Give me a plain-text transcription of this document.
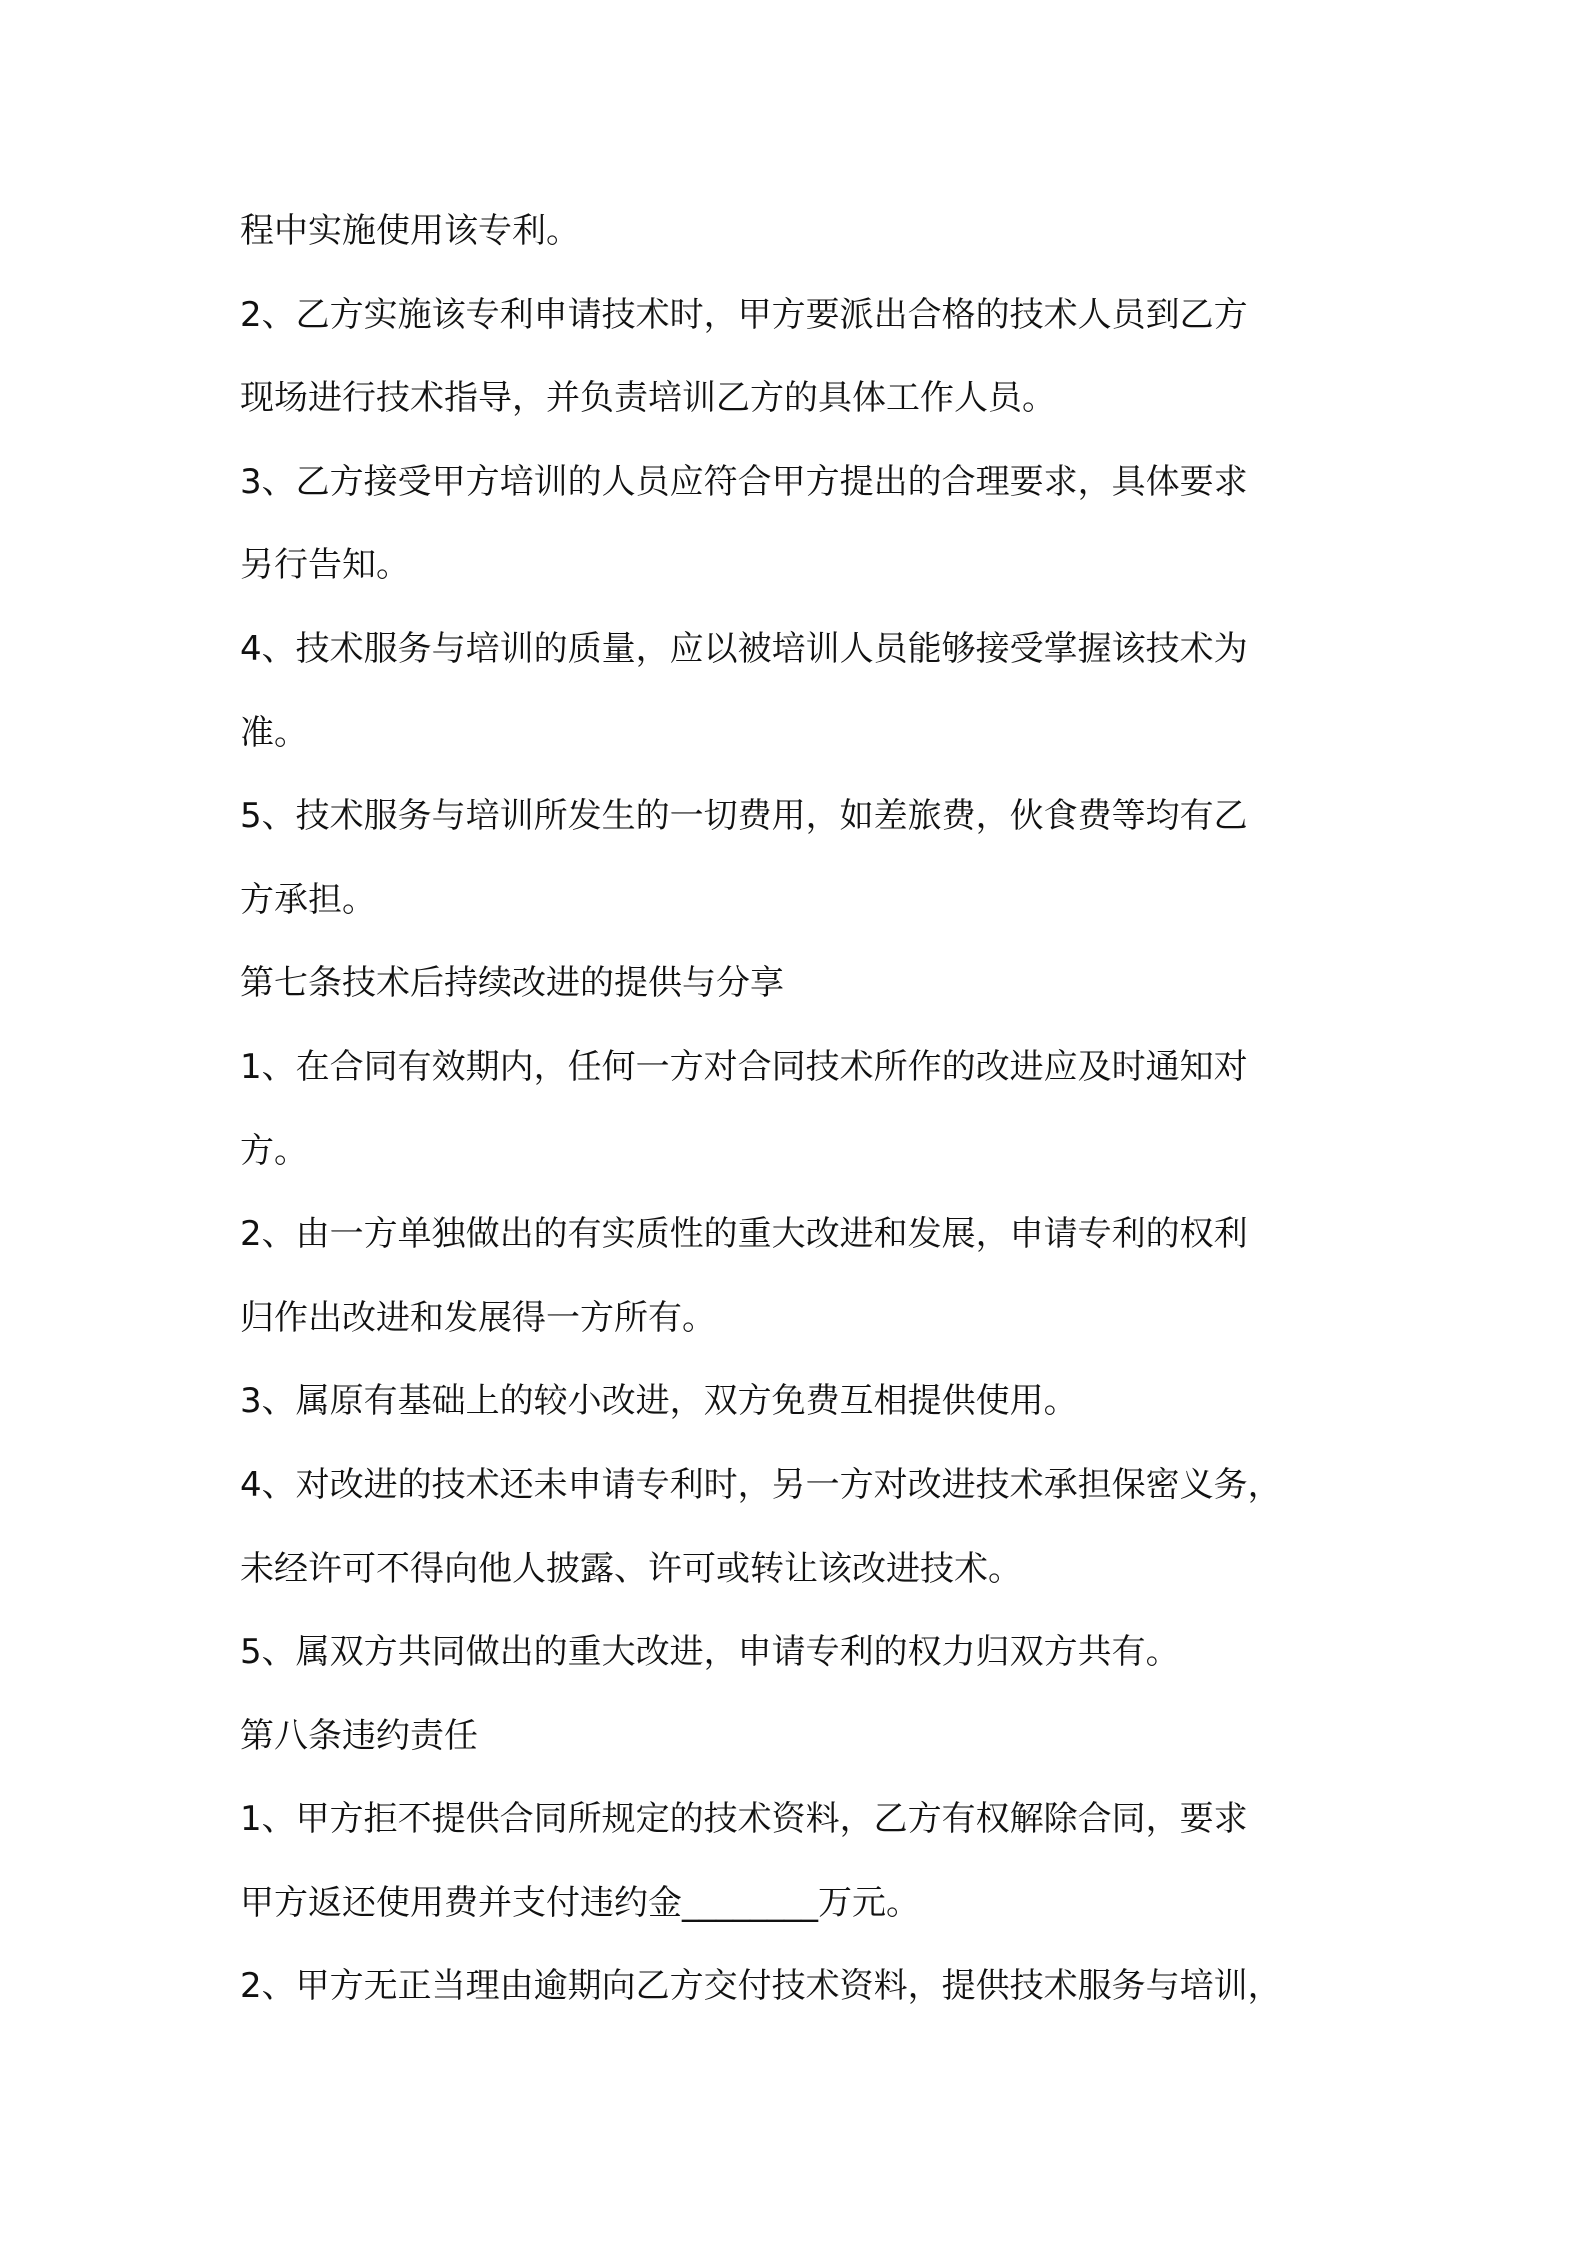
程中实施使用该专利。
2、乙方实施该专利申请技术时，甲方要派出合格的技术人员到乙方
现场进行技术指导，并负责培训乙方的具体工作人员。
3、乙方接受甲方培训的人员应符合甲方提出的合理要求，具体要求
另行告知。
4、技术服务与培训的质量，应以被培训人员能够接受掌握该技术为
准。
5、技术服务与培训所发生的一切费用，如差旅费，伙食费等均有乙
方承担。
第七条技术后持续改进的提供与分享
1、在合同有效期内，任何一方对合同技术所作的改进应及时通知对
方。
2、由一方单独做出的有实质性的重大改进和发展，申请专利的权利
归作出改进和发展得一方所有。
3、属原有基础上的较小改进，双方免费互相提供使用。
4、对改进的技术还未申请专利时，另一方对改进技术承担保密义务，
未经许可不得向他人披露、许可或转让该改进技术。
5、属双方共同做出的重大改进，申请专利的权力归双方共有。
第八条违约责任
1、甲方拒不提供合同所规定的技术资料，乙方有权解除合同，要求
甲方返还使用费并支付违约金________万元。
2、甲方无正当理由逾期向乙方交付技术资料，提供技术服务与培训，
